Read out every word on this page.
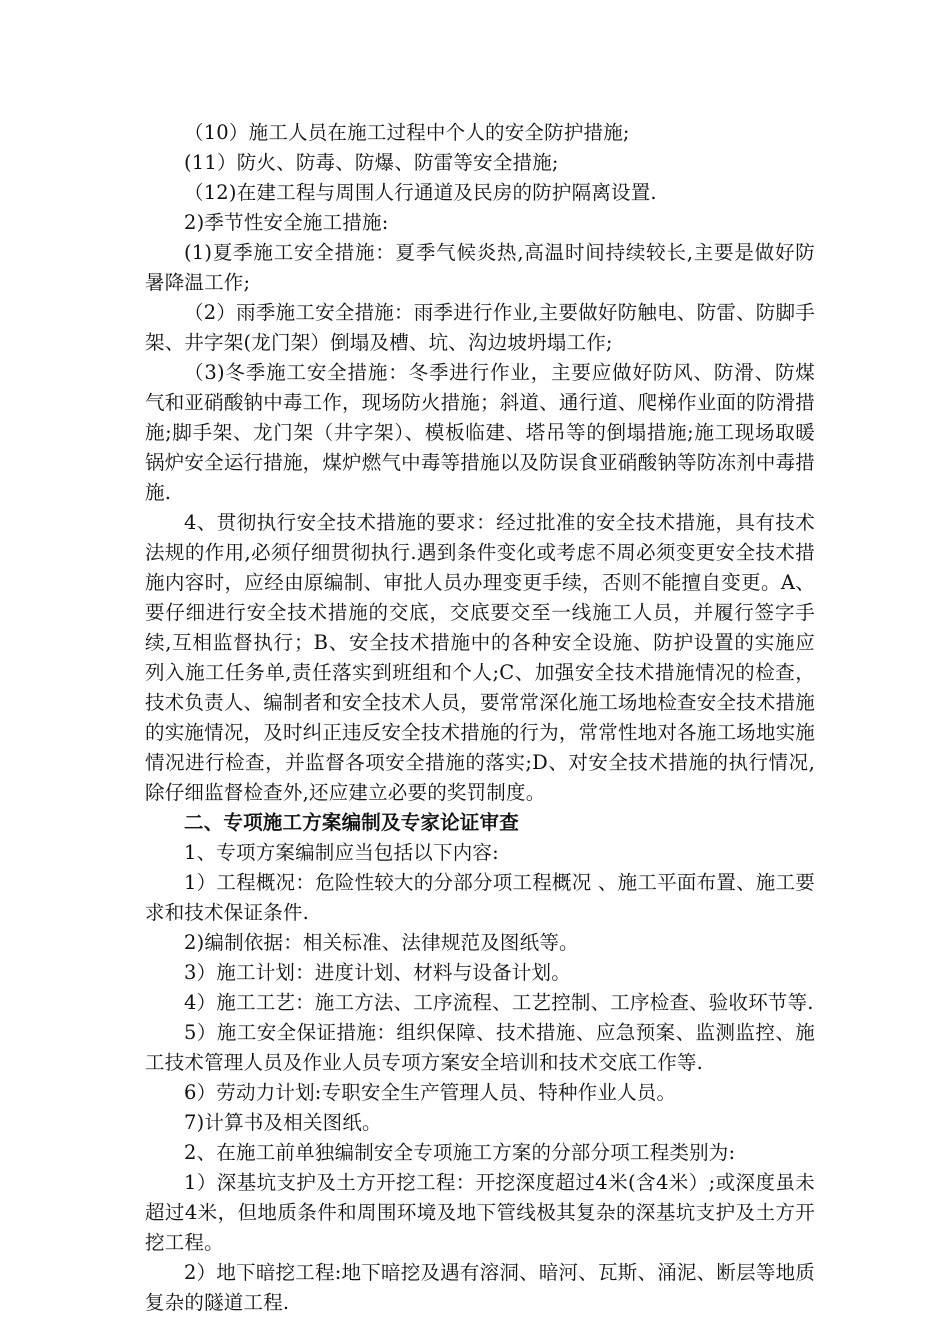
（10）施工人员在施工过程中个人的安全防护措施;

(11）防火、防毒、防爆、防雷等安全措施;

（12)在建工程与周围人行通道及民房的防护隔离设置.

2)季节性安全施工措施:

(1)夏季施工安全措施：夏季气候炎热,高温时间持续较长,主要是做好防暑降温工作;

（2）雨季施工安全措施：雨季进行作业,主要做好防触电、防雷、防脚手架、井字架(龙门架）倒塌及槽、坑、沟边坡坍塌工作;

（3)冬季施工安全措施：冬季进行作业，主要应做好防风、防滑、防煤气和亚硝酸钠中毒工作，现场防火措施；斜道、通行道、爬梯作业面的防滑措施;脚手架、龙门架（井字架）、模板临建、塔吊等的倒塌措施;施工现场取暖锅炉安全运行措施，煤炉燃气中毒等措施以及防误食亚硝酸钠等防冻剂中毒措施.

4、贯彻执行安全技术措施的要求：经过批准的安全技术措施，具有技术法规的作用,必须仔细贯彻执行.遇到条件变化或考虑不周必须变更安全技术措施内容时，应经由原编制、审批人员办理变更手续，否则不能擅自变更。A、要仔细进行安全技术措施的交底，交底要交至一线施工人员，并履行签字手续,互相监督执行；B、安全技术措施中的各种安全设施、防护设置的实施应列入施工任务单,责任落实到班组和个人;C、加强安全技术措施情况的检查，技术负责人、编制者和安全技术人员，要常常深化施工场地检查安全技术措施的实施情况，及时纠正违反安全技术措施的行为，常常性地对各施工场地实施情况进行检查，并监督各项安全措施的落实;D、对安全技术措施的执行情况,除仔细监督检查外,还应建立必要的奖罚制度。

二、专项施工方案编制及专家论证审查

1、专项方案编制应当包括以下内容:

1）工程概况：危险性较大的分部分项工程概况 、施工平面布置、施工要求和技术保证条件.

2)编制依据：相关标准、法律规范及图纸等。

3）施工计划：进度计划、材料与设备计划。

4）施工工艺：施工方法、工序流程、工艺控制、工序检查、验收环节等.

5）施工安全保证措施：组织保障、技术措施、应急预案、监测监控、施工技术管理人员及作业人员专项方案安全培训和技术交底工作等.

6）劳动力计划:专职安全生产管理人员、特种作业人员。

7)计算书及相关图纸。

2、在施工前单独编制安全专项施工方案的分部分项工程类别为:

1）深基坑支护及土方开挖工程：开挖深度超过4米(含4米）;或深度虽未超过4米，但地质条件和周围环境及地下管线极其复杂的深基坑支护及土方开挖工程。

2）地下暗挖工程:地下暗挖及遇有溶洞、暗河、瓦斯、涌泥、断层等地质复杂的隧道工程.
